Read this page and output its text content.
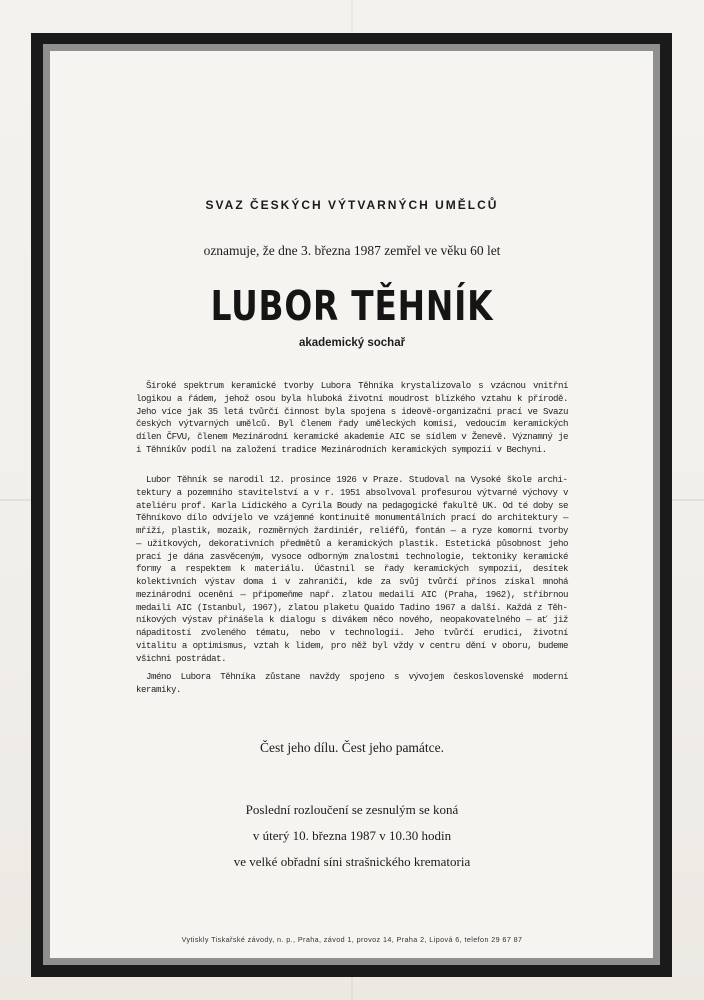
SVAZ ČESKÝCH VÝTVARNÝCH UMĚLCŮ
oznamuje, že dne 3. března 1987 zemřel ve věku 60 let
LUBOR TĚHNÍK
akademický sochař

Široké spektrum keramické tvorby Lubora Těhníka krystalizovalo s vzácnou vnitřní logikou a řádem, jehož osou byla hluboká životní moudrost blízkého vztahu k přírodě. Jeho více jak 35 letá tvůrčí činnost byla spojena s ideově-organizační prací ve Svazu českých výtvarných umělců. Byl členem řady uměleckých komisí, vedoucím keramických dílen ČFVU, členem Mezinárodní keramické akademie AIC se sídlem v Ženevě. Významný je i Těhníkův podíl na založení tradice Mezinárodních keramických sympozií v Bechyni.

Lubor Těhník se narodil 12. prosince 1926 v Praze. Studoval na Vysoké škole architektury a pozemního stavitelství a v r. 1951 absolvoval profesurou výtvarné výchovy v ateliéru prof. Karla Lidického a Cyrila Boudy na pedagogické fakultě UK. Od té doby se Těhníkovo dílo odvíjelo ve vzájemné kontinuitě monumentálních prací do architektury — mříží, plastik, mozaik, rozměrných žardiniér, reliéfů, fontán — a ryze komorní tvorby — užitkových, dekorativních předmětů a keramických plastik. Estetická působnost jeho prací je dána zasvěceným, vysoce odborným znalostmi technologie, tektoniky keramické formy a respektem k materiálu. Účastnil se řady keramických sympozií, desítek kolektivních výstav doma i v zahraničí, kde za svůj tvůrčí přínos získal mnohá mezinárodní ocenění — připomeňme např. zlatou medaili AIC (Praha, 1962), stříbrnou medaili AIC (Istanbul, 1967), zlatou plaketu Quaido Tadino 1967 a další. Každá z Těhníkových výstav přinášela k dialogu s divákem něco nového, neopakovatelného — ať již nápaditostí zvoleného tématu, nebo v technologii. Jeho tvůrčí erudici, životní vitalitu a optimismus, vztah k lidem, pro něž byl vždy v centru dění v oboru, budeme všichni postrádat.

Jméno Lubora Těhníka zůstane navždy spojeno s vývojem československé moderní keramiky.

Čest jeho dílu. Čest jeho památce.
Poslední rozloučení se zesnulým se koná
v úterý 10. března 1987 v 10.30 hodin
ve velké obřadní síni strašnického krematoria
Vytiskly Tiskařské závody, n. p., Praha, závod 1, provoz 14, Praha 2, Lipová 6, telefon 29 67 87
